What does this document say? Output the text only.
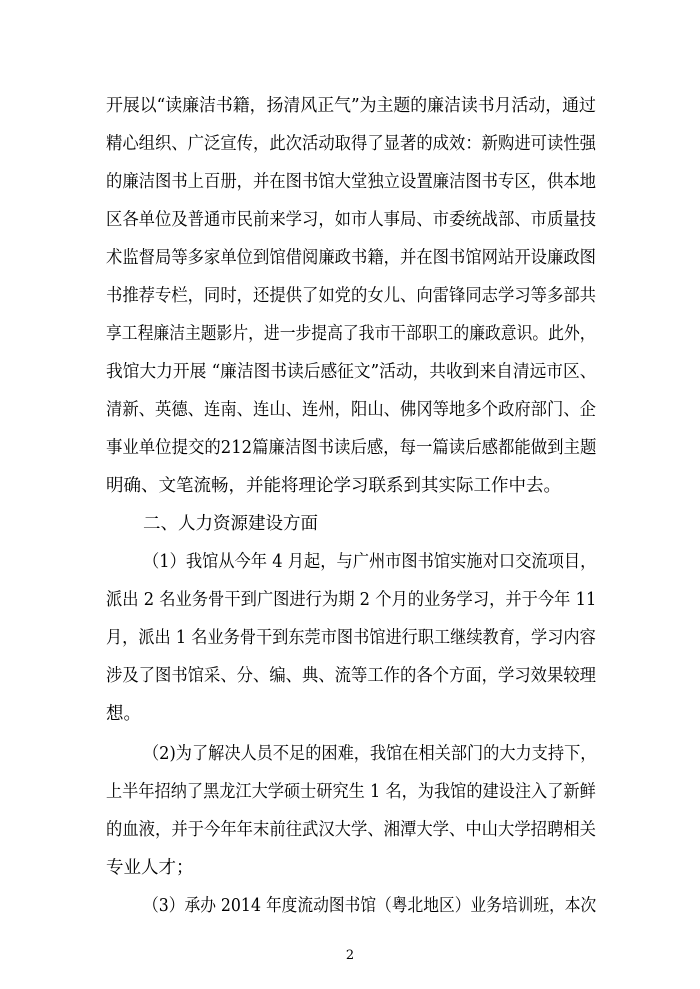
开展以“读廉洁书籍，扬清风正气”为主题的廉洁读书月活动，通过

精心组织、广泛宣传，此次活动取得了显著的成效：新购进可读性强

的廉洁图书上百册，并在图书馆大堂独立设置廉洁图书专区，供本地

区各单位及普通市民前来学习，如市人事局、市委统战部、市质量技

术监督局等多家单位到馆借阅廉政书籍，并在图书馆网站开设廉政图

书推荐专栏，同时，还提供了如党的女儿、向雷锋同志学习等多部共

享工程廉洁主题影片，进一步提高了我市干部职工的廉政意识。此外，

我馆大力开展 “廉洁图书读后感征文”活动，共收到来自清远市区、

清新、英德、连南、连山、连州，阳山、佛冈等地多个政府部门、企

事业单位提交的212篇廉洁图书读后感，每一篇读后感都能做到主题

明确、文笔流畅，并能将理论学习联系到其实际工作中去。

二、人力资源建设方面

（1）我馆从今年 4 月起，与广州市图书馆实施对口交流项目，

派出 2 名业务骨干到广图进行为期 2 个月的业务学习，并于今年 11

月，派出 1 名业务骨干到东莞市图书馆进行职工继续教育，学习内容

涉及了图书馆采、分、编、典、流等工作的各个方面，学习效果较理

想。

（2)为了解决人员不足的困难，我馆在相关部门的大力支持下，

上半年招纳了黑龙江大学硕士研究生 1 名，为我馆的建设注入了新鲜

的血液，并于今年年末前往武汉大学、湘潭大学、中山大学招聘相关

专业人才；

（3）承办 2014 年度流动图书馆（粤北地区）业务培训班，本次

2
